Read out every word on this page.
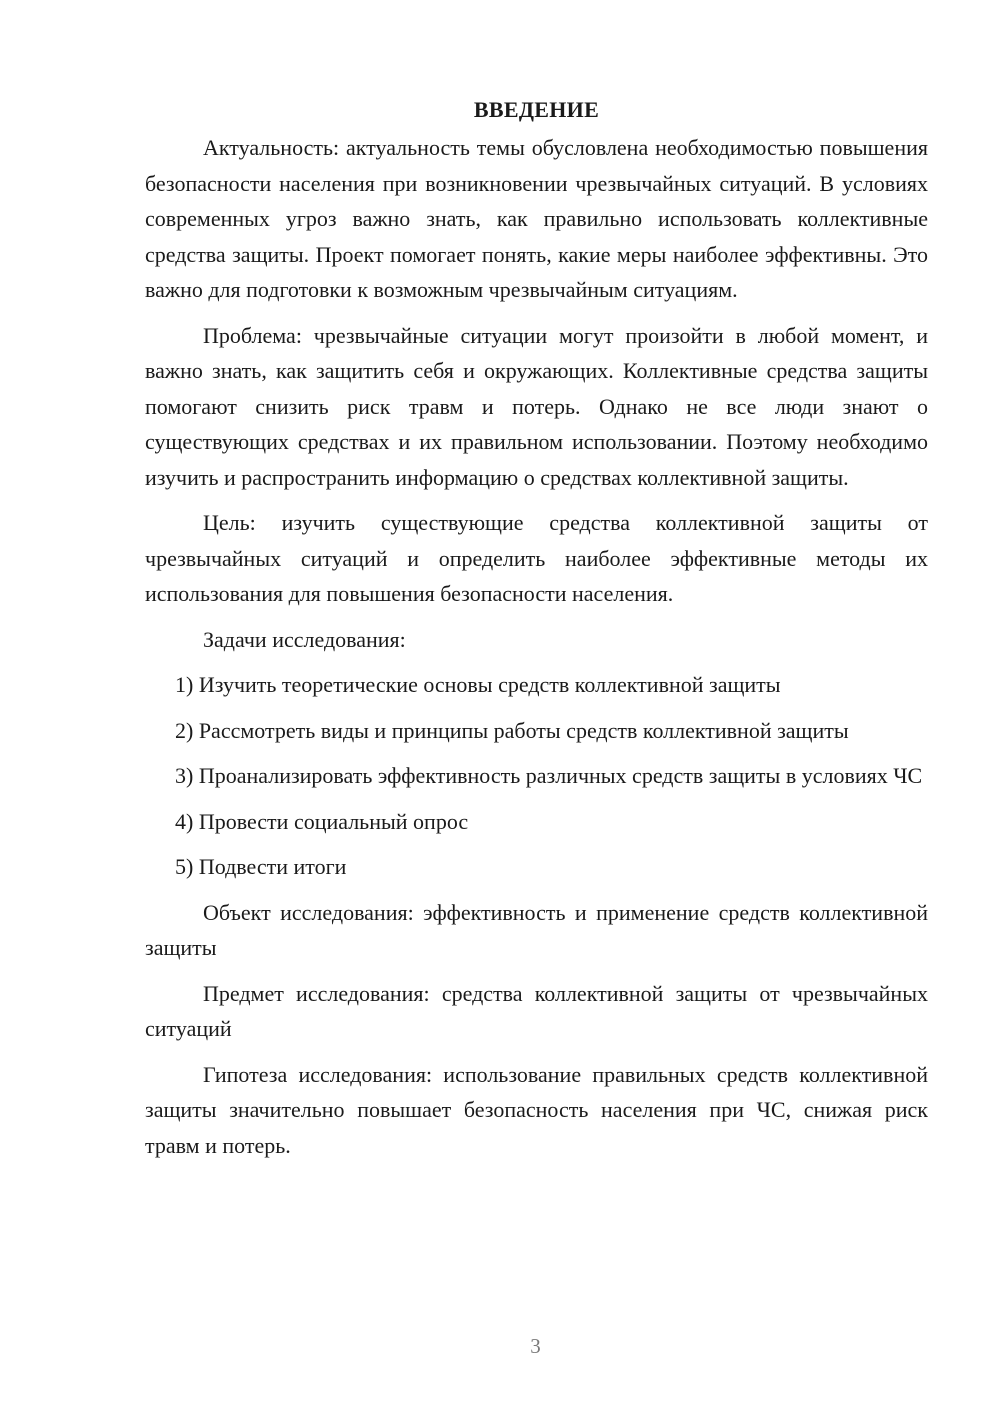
ВВЕДЕНИЕ

Актуальность: актуальность темы обусловлена необходимостью повышения безопасности населения при возникновении чрезвычайных ситуаций. В условиях современных угроз важно знать, как правильно использовать коллективные средства защиты. Проект помогает понять, какие меры наиболее эффективны. Это важно для подготовки к возможным чрезвычайным ситуациям.

Проблема: чрезвычайные ситуации могут произойти в любой момент, и важно знать, как защитить себя и окружающих. Коллективные средства защиты помогают снизить риск травм и потерь. Однако не все люди знают о существующих средствах и их правильном использовании. Поэтому необходимо изучить и распространить информацию о средствах коллективной защиты.

Цель: изучить существующие средства коллективной защиты от чрезвычайных ситуаций и определить наиболее эффективные методы их использования для повышения безопасности населения.

Задачи исследования:

1) Изучить теоретические основы средств коллективной защиты

2) Рассмотреть виды и принципы работы средств коллективной защиты

3) Проанализировать эффективность различных средств защиты в условиях ЧС

4) Провести социальный опрос

5) Подвести итоги

Объект исследования: эффективность и применение средств коллективной защиты

Предмет исследования: средства коллективной защиты от чрезвычайных ситуаций

Гипотеза исследования: использование правильных средств коллективной защиты значительно повышает безопасность населения при ЧС, снижая риск травм и потерь.

3
